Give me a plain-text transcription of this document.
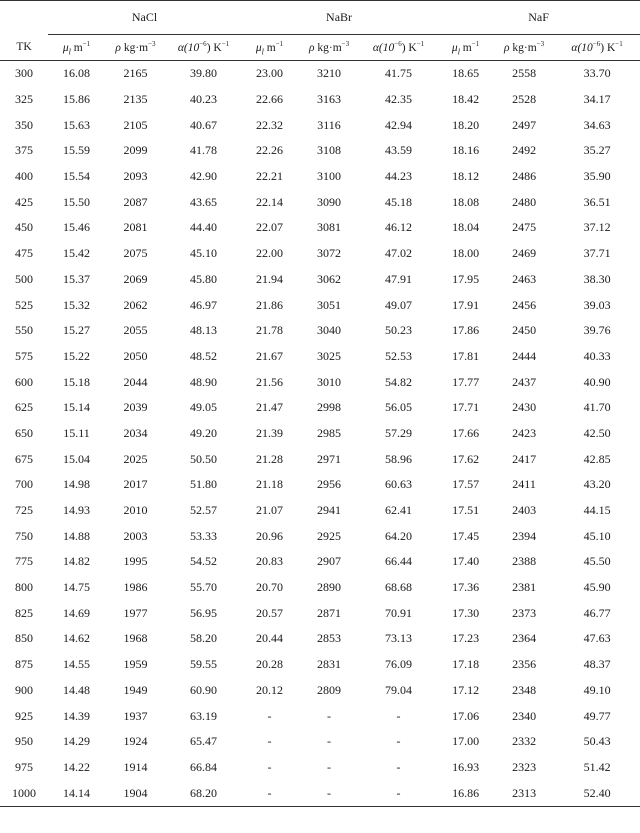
	NaCl			NaBr			NaF		
TK	$\mu_l$ $m^{-1}$	ρ $kg\cdot m^{-3}$	$\alpha(10^{-6})$ $K^{-1}$	$\mu_l$ $m^{-1}$	ρ $kg\cdot m^{-3}$	$\alpha(10^{-6})$ $K^{-1}$	$\mu_l$ $m^{-1}$	ρ $kg\cdot m^{-3}$	$\alpha(10^{-6})$ $K^{-1}$
300	16.08	2165	39.80	23.00	3210	41.75	18.65	2558	33.70
325	15.86	2135	40.23	22.66	3163	42.35	18.42	2528	34.17
350	15.63	2105	40.67	22.32	3116	42.94	18.20	2497	34.63
375	15.59	2099	41.78	22.26	3108	43.59	18.16	2492	35.27
400	15.54	2093	42.90	22.21	3100	44.23	18.12	2486	35.90
425	15.50	2087	43.65	22.14	3090	45.18	18.08	2480	36.51
450	15.46	2081	44.40	22.07	3081	46.12	18.04	2475	37.12
475	15.42	2075	45.10	22.00	3072	47.02	18.00	2469	37.71
500	15.37	2069	45.80	21.94	3062	47.91	17.95	2463	38.30
525	15.32	2062	46.97	21.86	3051	49.07	17.91	2456	39.03
550	15.27	2055	48.13	21.78	3040	50.23	17.86	2450	39.76
575	15.22	2050	48.52	21.67	3025	52.53	17.81	2444	40.33
600	15.18	2044	48.90	21.56	3010	54.82	17.77	2437	40.90
625	15.14	2039	49.05	21.47	2998	56.05	17.71	2430	41.70
650	15.11	2034	49.20	21.39	2985	57.29	17.66	2423	42.50
675	15.04	2025	50.50	21.28	2971	58.96	17.62	2417	42.85
700	14.98	2017	51.80	21.18	2956	60.63	17.57	2411	43.20
725	14.93	2010	52.57	21.07	2941	62.41	17.51	2403	44.15
750	14.88	2003	53.33	20.96	2925	64.20	17.45	2394	45.10
775	14.82	1995	54.52	20.83	2907	66.44	17.40	2388	45.50
800	14.75	1986	55.70	20.70	2890	68.68	17.36	2381	45.90
825	14.69	1977	56.95	20.57	2871	70.91	17.30	2373	46.77
850	14.62	1968	58.20	20.44	2853	73.13	17.23	2364	47.63
875	14.55	1959	59.55	20.28	2831	76.09	17.18	2356	48.37
900	14.48	1949	60.90	20.12	2809	79.04	17.12	2348	49.10
925	14.39	1937	63.19	-	-	-	17.06	2340	49.77
950	14.29	1924	65.47	-	-	-	17.00	2332	50.43
975	14.22	1914	66.84	-	-	-	16.93	2323	51.42
1000	14.14	1904	68.20	-	-	-	16.86	2313	52.40
